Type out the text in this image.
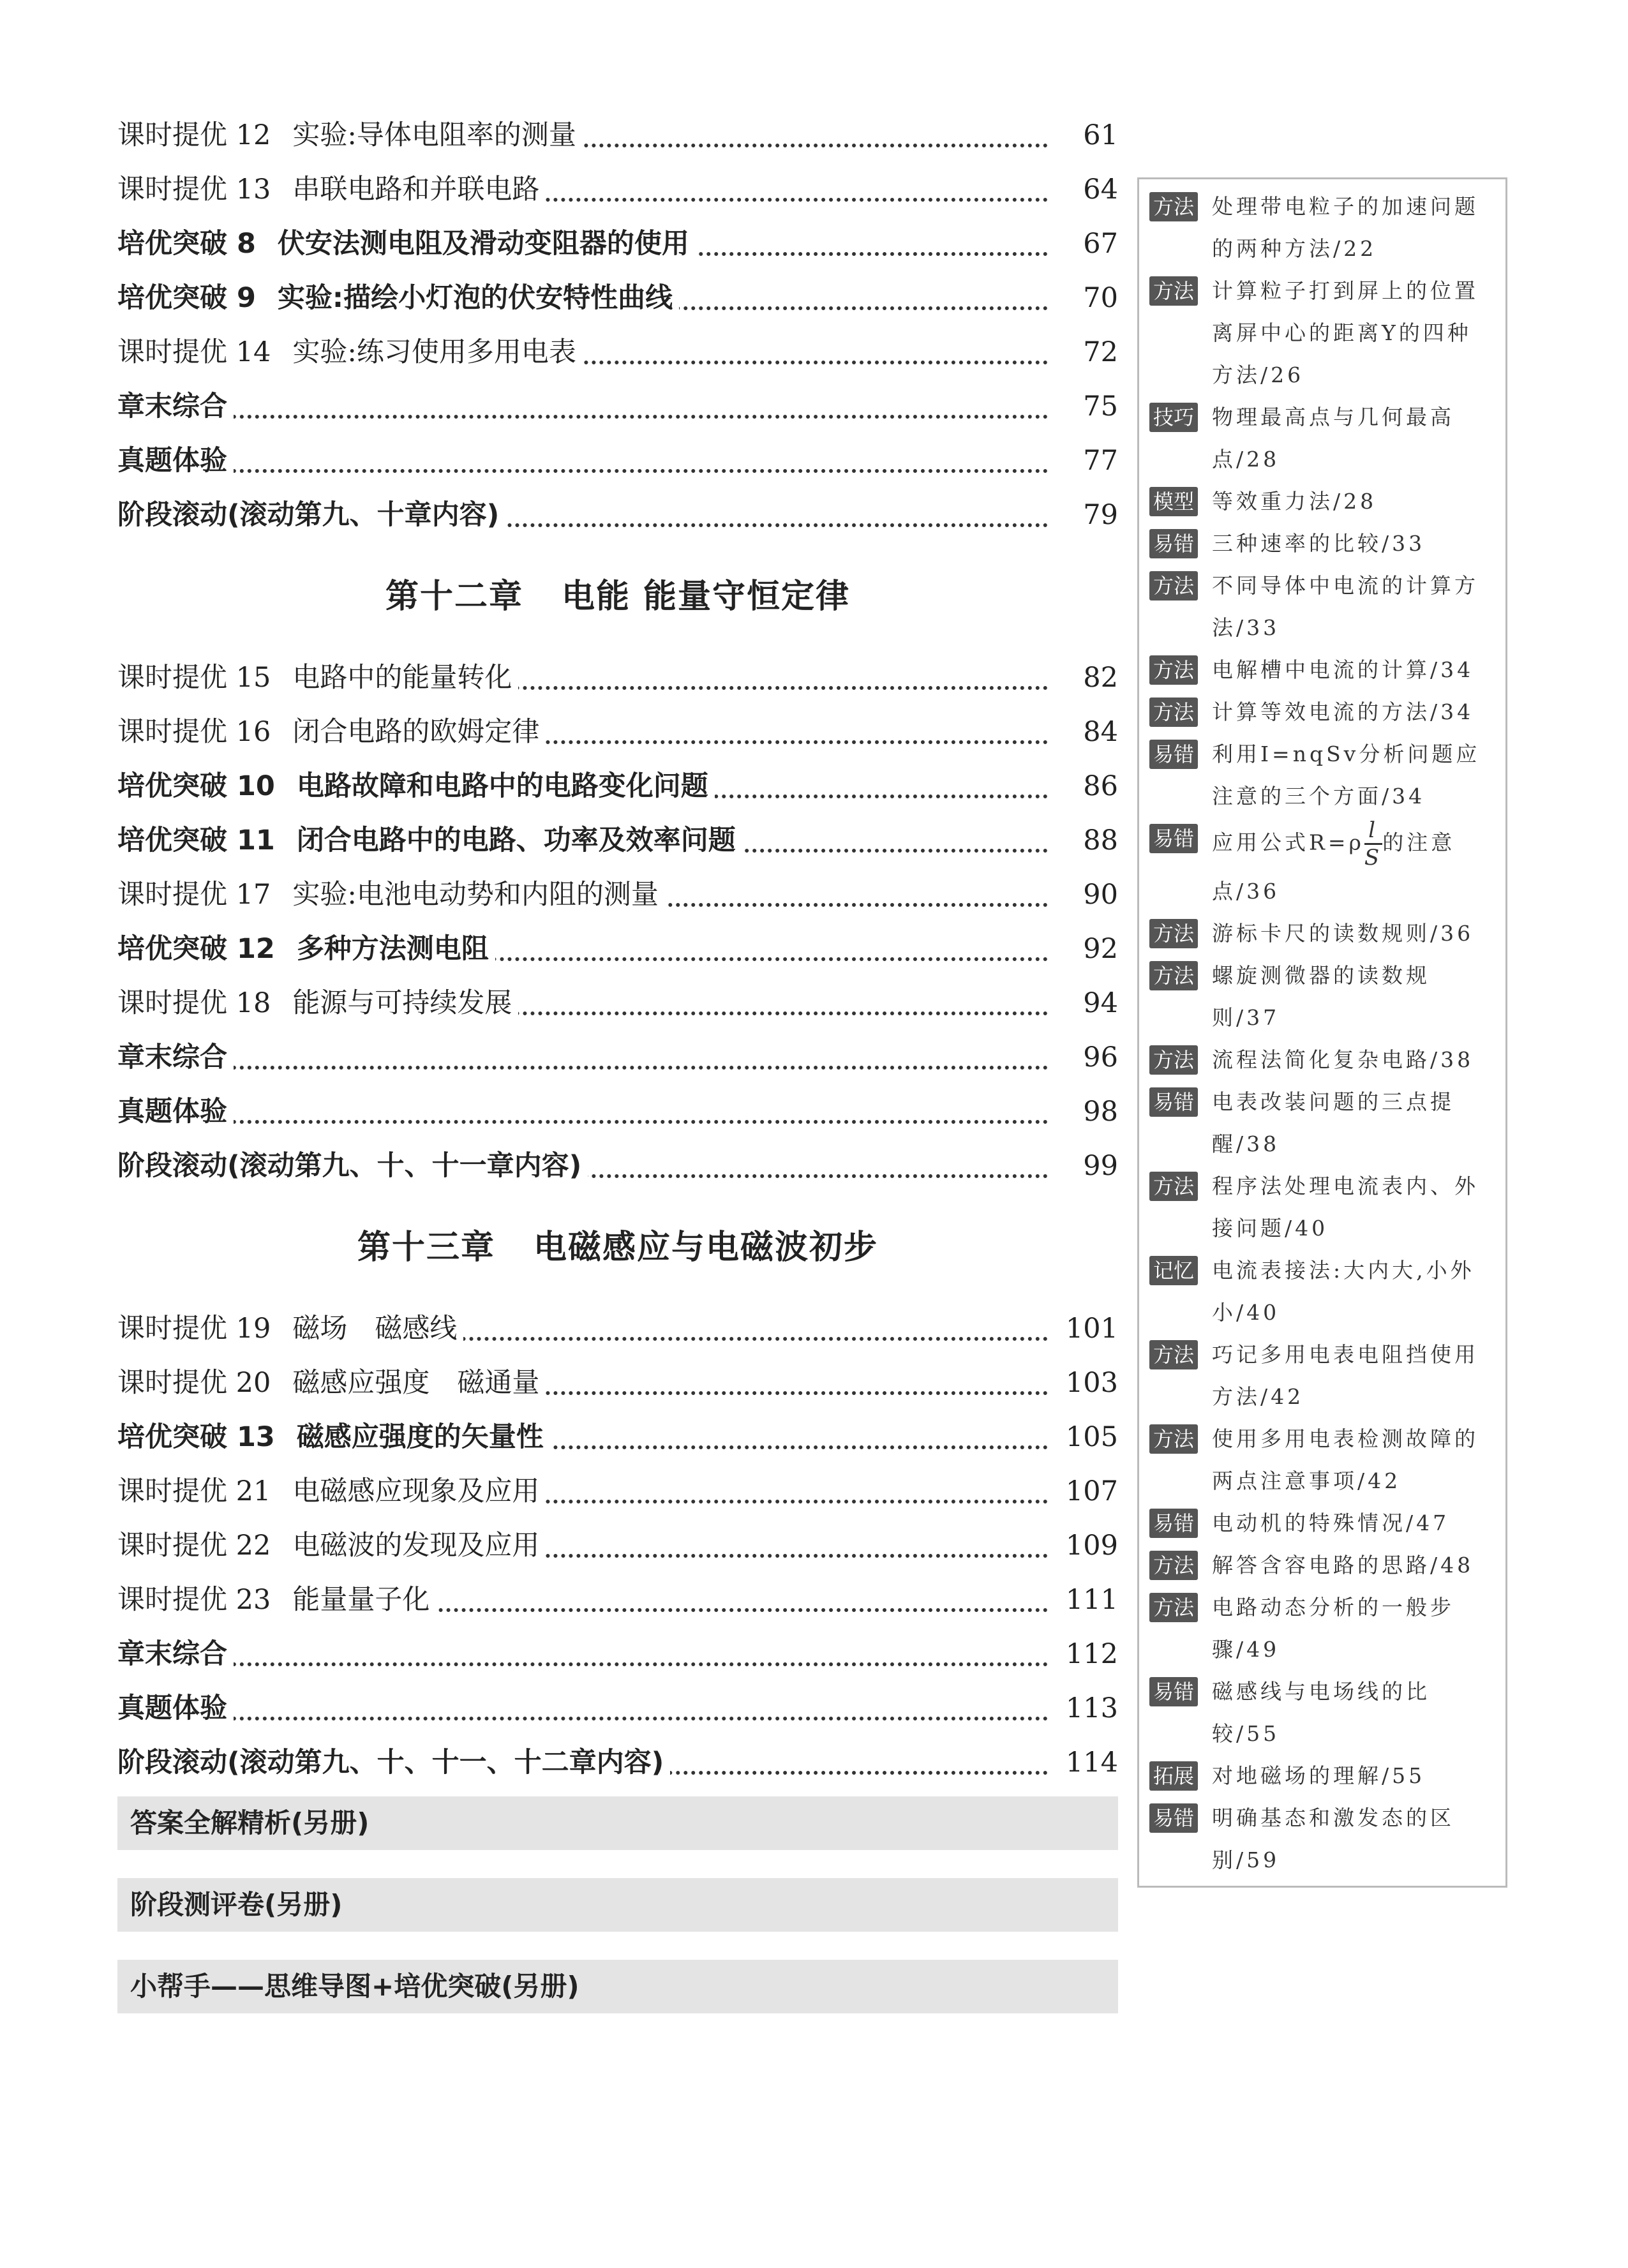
课时提优 12 实验:导体电阻率的测量	61
课时提优 13 串联电路和并联电路	64
培优突破 8 伏安法测电阻及滑动变阻器的使用	67
培优突破 9 实验:描绘小灯泡的伏安特性曲线	70
课时提优 14 实验:练习使用多用电表	72
章末综合	75
真题体验	77
阶段滚动(滚动第九、十章内容)	79
第十二章 电能 能量守恒定律
课时提优 15 电路中的能量转化	82
课时提优 16 闭合电路的欧姆定律	84
培优突破 10 电路故障和电路中的电路变化问题	86
培优突破 11 闭合电路中的电路、功率及效率问题	88
课时提优 17 实验:电池电动势和内阻的测量	90
培优突破 12 多种方法测电阻	92
课时提优 18 能源与可持续发展	94
章末综合	96
真题体验	98
阶段滚动(滚动第九、十、十一章内容)	99
第十三章 电磁感应与电磁波初步
课时提优 19 磁场　磁感线	101
课时提优 20 磁感应强度　磁通量	103
培优突破 13 磁感应强度的矢量性	105
课时提优 21 电磁感应现象及应用	107
课时提优 22 电磁波的发现及应用	109
课时提优 23 能量量子化	111
章末综合	112
真题体验	113
阶段滚动(滚动第九、十、十一、十二章内容)	114
答案全解精析(另册)
阶段测评卷(另册)
小帮手——思维导图+培优突破(另册)
方法 处理带电粒子的加速问题的两种方法/22
方法 计算粒子打到屏上的位置离屏中心的距离Y的四种方法/26
技巧 物理最高点与几何最高点/28
模型 等效重力法/28
易错 三种速率的比较/33
方法 不同导体中电流的计算方法/33
方法 电解槽中电流的计算/34
方法 计算等效电流的方法/34
易错 利用I=nqSv分析问题应注意的三个方面/34
易错 应用公式$R=\rho \frac{l}{S}$ 的注意点/36
方法 游标卡尺的读数规则/36
方法 螺旋测微器的读数规则/37
方法 流程法简化复杂电路/38
易错 电表改装问题的三点提醒/38
方法 程序法处理电流表内、外接问题/40
记忆 电流表接法:大内大,小外小/40
方法 巧记多用电表电阻挡使用方法/42
方法 使用多用电表检测故障的两点注意事项/42
易错 电动机的特殊情况/47
方法 解答含容电路的思路/48
方法 电路动态分析的一般步骤/49
易错 磁感线与电场线的比较/55
拓展 对地磁场的理解/55
易错 明确基态和激发态的区别/59
